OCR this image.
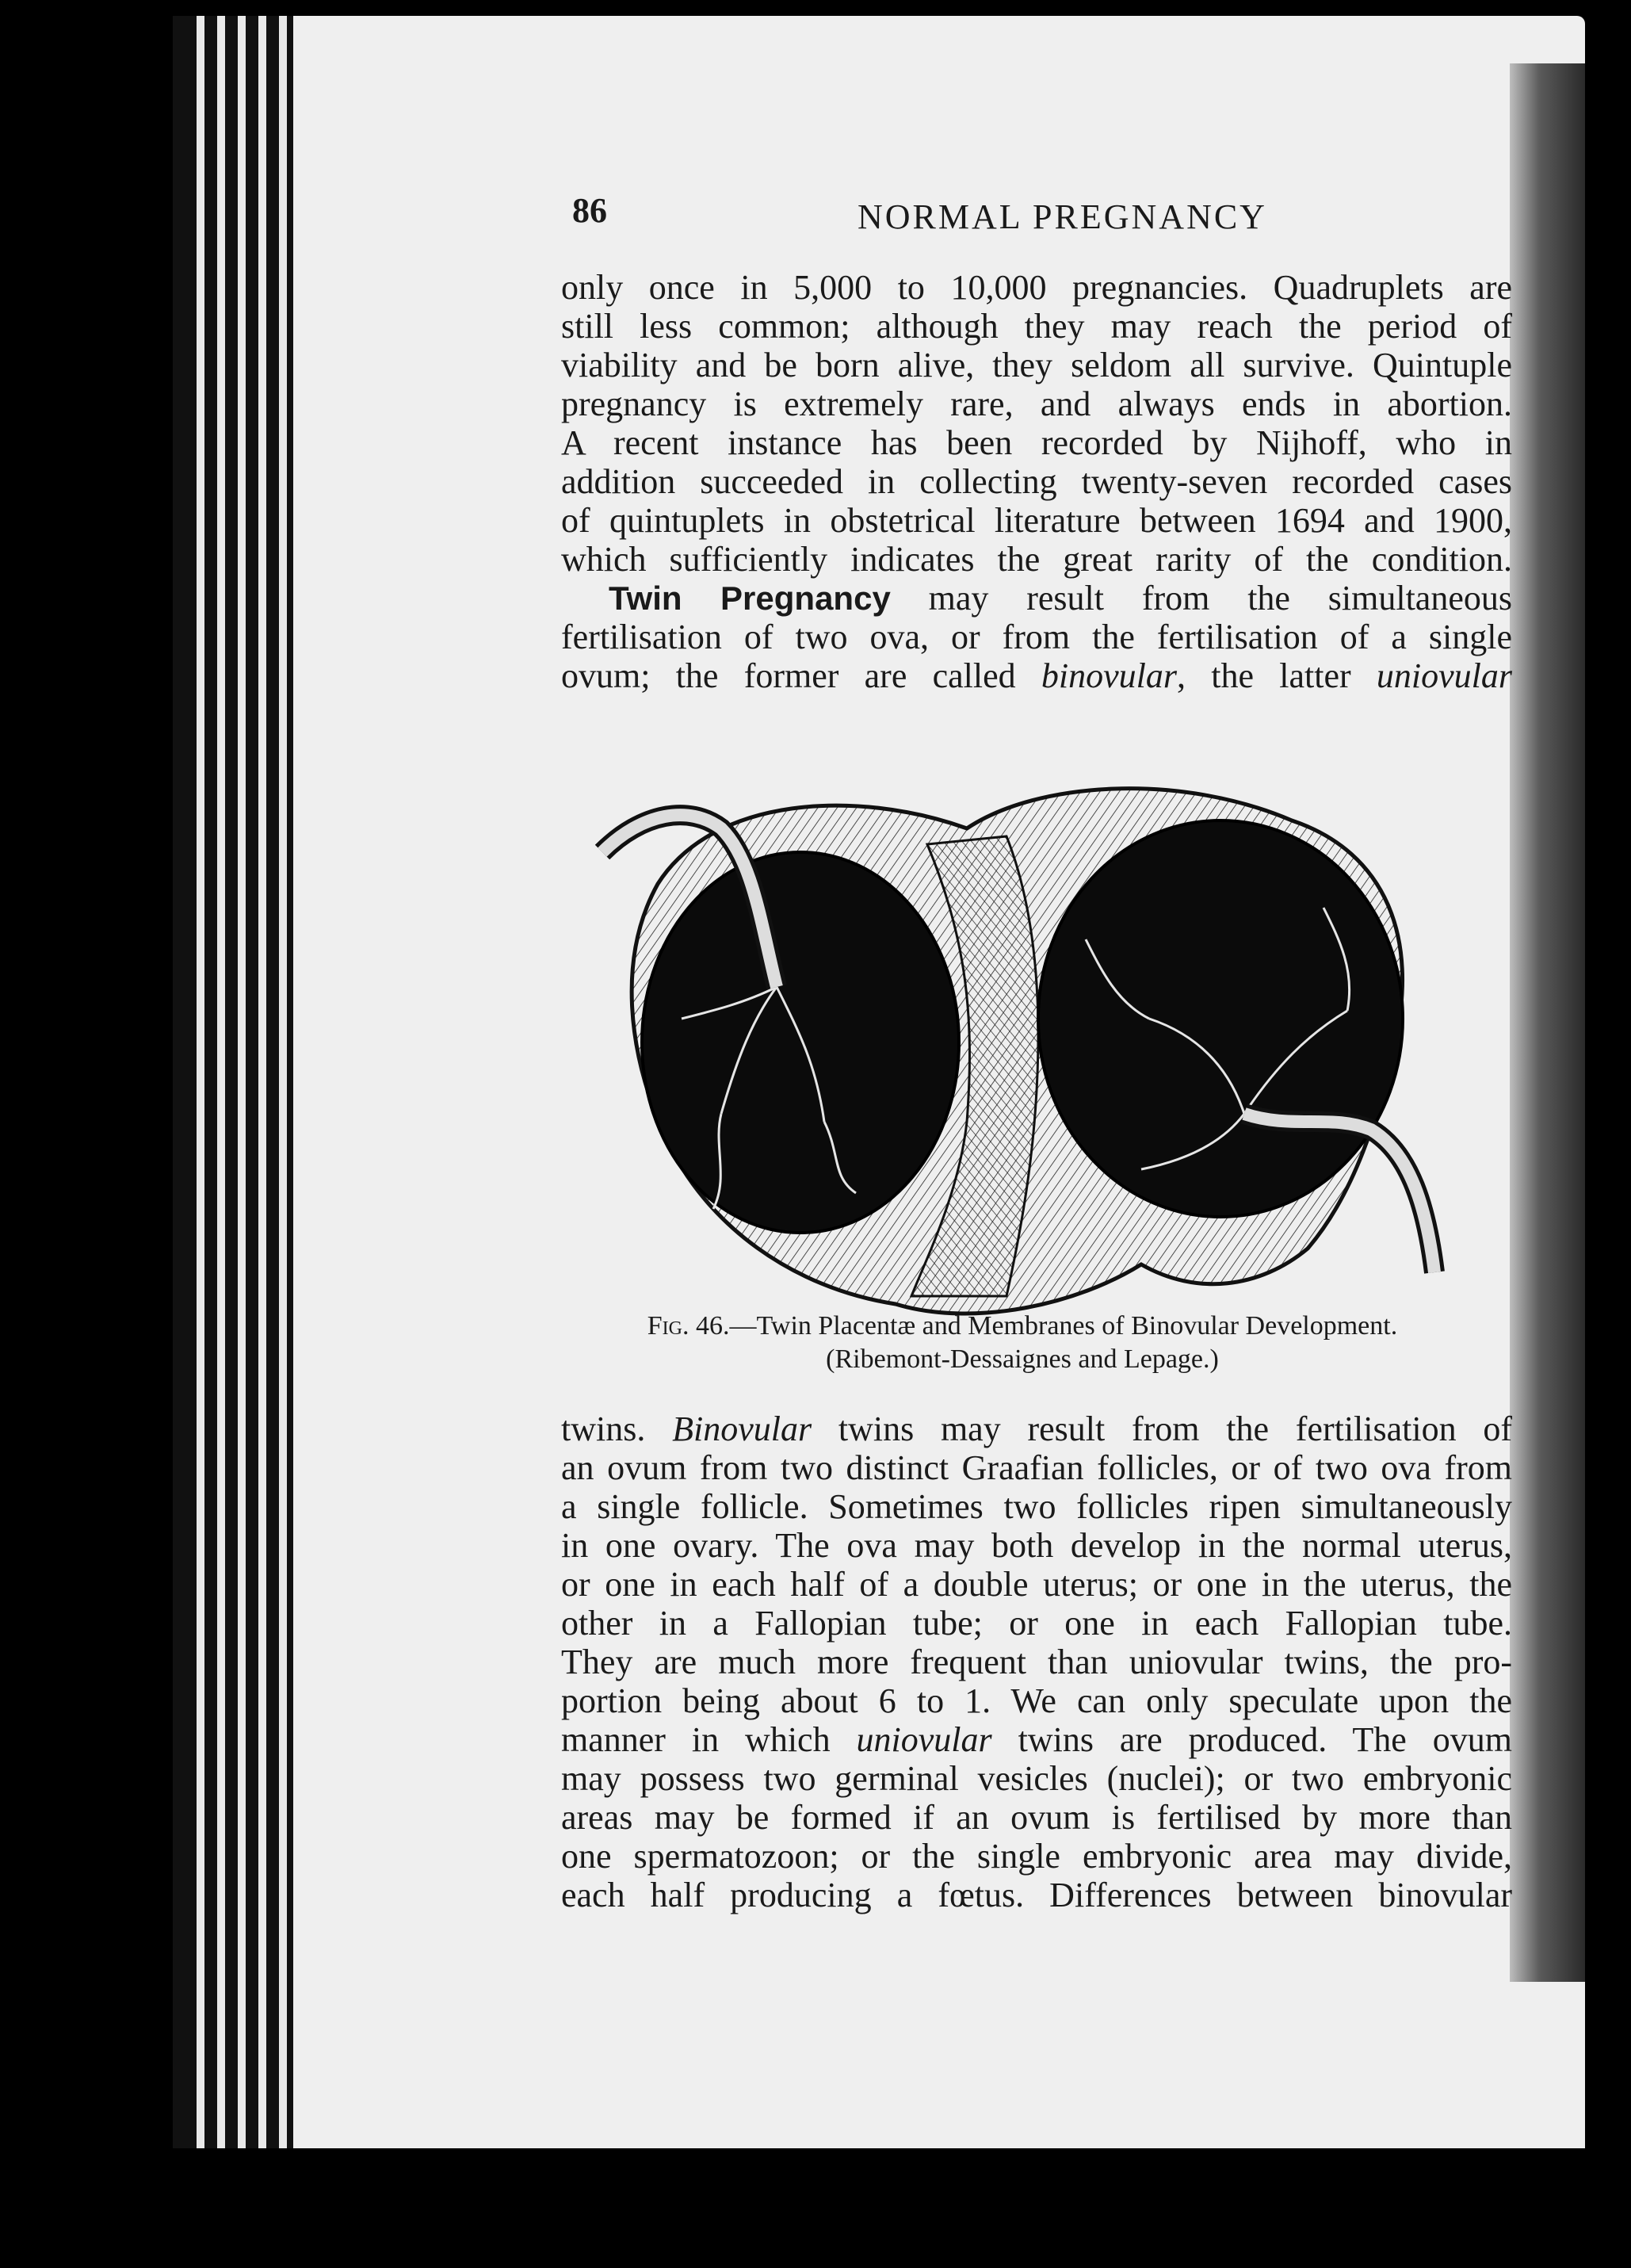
86	NORMAL PREGNANCY
only once in 5,000 to 10,000 pregnancies. Quadruplets are
still less common; although they may reach the period of
viability and be born alive, they seldom all survive. Quintuple
pregnancy is extremely rare, and always ends in abortion.
A recent instance has been recorded by Nijhoff, who in
addition succeeded in collecting twenty-seven recorded cases
of quintuplets in obstetrical literature between 1694 and 1900,
which sufficiently indicates the great rarity of the condition.
Twin Pregnancy may result from the simultaneous
fertilisation of two ova, or from the fertilisation of a single
ovum; the former are called binovular, the latter uniovular
Fig. 46.—Twin Placentæ and Membranes of Binovular Development.
(Ribemont-Dessaignes and Lepage.)
twins. Binovular twins may result from the fertilisation of
an ovum from two distinct Graafian follicles, or of two ova from
a single follicle. Sometimes two follicles ripen simultaneously
in one ovary. The ova may both develop in the normal uterus,
or one in each half of a double uterus; or one in the uterus, the
other in a Fallopian tube; or one in each Fallopian tube.
They are much more frequent than uniovular twins, the pro-
portion being about 6 to 1. We can only speculate upon the
manner in which uniovular twins are produced. The ovum
may possess two germinal vesicles (nuclei); or two embryonic
areas may be formed if an ovum is fertilised by more than
one spermatozoon; or the single embryonic area may divide,
each half producing a fœtus. Differences between binovular
